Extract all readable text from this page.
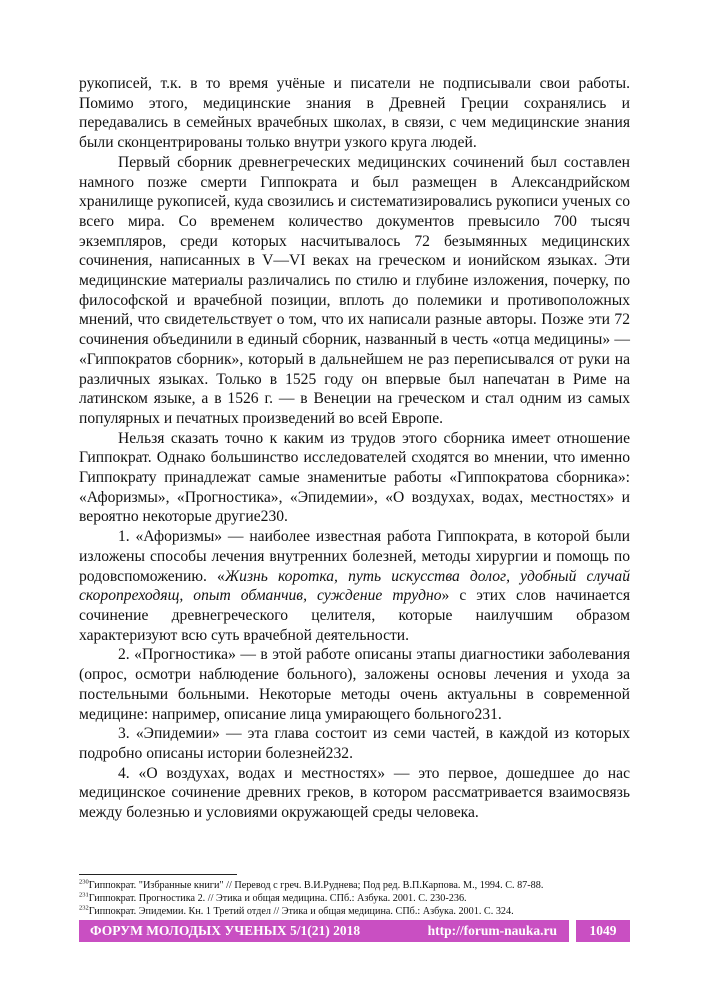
рукописей, т.к. в то время учёные и писатели не подписывали свои работы. Помимо этого, медицинские знания в Древней Греции сохранялись и передавались в семейных врачебных школах, в связи, с чем медицинские знания были сконцентрированы только внутри узкого круга людей.

Первый сборник древнегреческих медицинских сочинений был составлен намного позже смерти Гиппократа и был размещен в Александрийском хранилище рукописей, куда свозились и систематизировались рукописи ученых со всего мира. Со временем количество документов превысило 700 тысяч экземпляров, среди которых насчитывалось 72 безымянных медицинских сочинения, написанных в V—VI веках на греческом и ионийском языках. Эти медицинские материалы различались по стилю и глубине изложения, почерку, по философской и врачебной позиции, вплоть до полемики и противоположных мнений, что свидетельствует о том, что их написали разные авторы. Позже эти 72 сочинения объединили в единый сборник, названный в честь «отца медицины» — «Гиппократов сборник», который в дальнейшем не раз переписывался от руки на различных языках. Только в 1525 году он впервые был напечатан в Риме на латинском языке, а в 1526 г. — в Венеции на греческом и стал одним из самых популярных и печатных произведений во всей Европе.

Нельзя сказать точно к каким из трудов этого сборника имеет отношение Гиппократ. Однако большинство исследователей сходятся во мнении, что именно Гиппократу принадлежат самые знаменитые работы «Гиппократова сборника»: «Афоризмы», «Прогностика», «Эпидемии», «О воздухах, водах, местностях» и вероятно некоторые другие230.

1. «Афоризмы» — наиболее известная работа Гиппократа, в которой были изложены способы лечения внутренних болезней, методы хирургии и помощь по родовспоможению. «Жизнь коротка, путь искусства долог, удобный случай скоропреходящ, опыт обманчив, суждение трудно» с этих слов начинается сочинение древнегреческого целителя, которые наилучшим образом характеризуют всю суть врачебной деятельности.

2. «Прогностика» — в этой работе описаны этапы диагностики заболевания (опрос, осмотри наблюдение больного), заложены основы лечения и ухода за постельными больными. Некоторые методы очень актуальны в современной медицине: например, описание лица умирающего больного231.

3. «Эпидемии» — эта глава состоит из семи частей, в каждой из которых подробно описаны истории болезней232.

4. «О воздухах, водах и местностях» — это первое, дошедшее до нас медицинское сочинение древних греков, в котором рассматривается взаимосвязь между болезнью и условиями окружающей среды человека.

$^{230}$Гиппократ. "Избранные книги" // Перевод с греч. В.И.Руднева; Под ред. В.П.Карпова. М., 1994. С. 87-88.
$^{231}$Гиппократ. Прогностика 2. // Этика и общая медицина. СПб.: Азбука. 2001. С. 230-236.
$^{232}$Гиппократ. Эпидемии. Кн. 1 Третий отдел // Этика и общая медицина. СПб.: Азбука. 2001. С. 324.
ФОРУМ МОЛОДЫХ УЧЕНЫХ 5/1(21) 2018	http://forum-nauka.ru	1049
